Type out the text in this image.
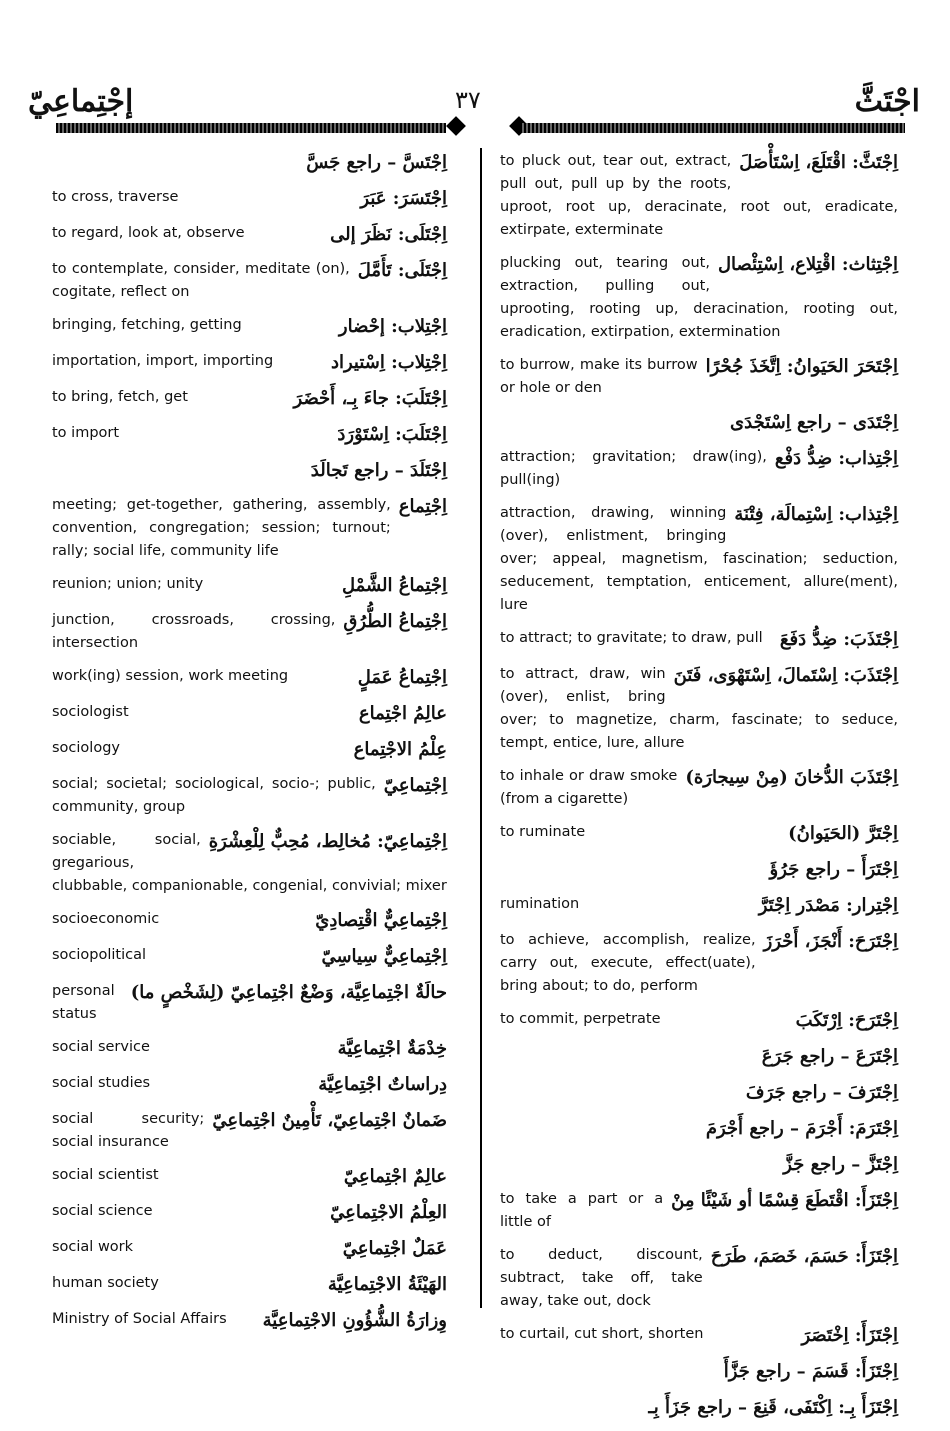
إجْتِماعِيّ	٣٧	اجْتَثَّ
اِجْتَسَّ – راجع جَسَّ
اِجْتَسَرَ: عَبَرَ
to cross, traverse
اِجْتَلَى: نَظَرَ إلى
to regard, look at, observe
اِجْتَلَى: تَأَمَّلَ
to contemplate, consider, meditate (on), cogitate, reflect on
اِجْتِلاب: إحْضار
bringing, fetching, getting
اِجْتِلاب: اِسْتيراد
importation, import, importing
اِجْتَلَبَ: جاءَ بِـ، أَحْضَرَ
to bring, fetch, get
اِجْتَلَبَ: اِسْتَوْرَدَ
to import
اِجْتَلَدَ – راجع تَجالَدَ
اِجْتِماع
meeting; get-together, gathering, assembly, convention, congregation; session; turnout; rally; social life, community life
اِجْتِماعُ الشَّمْلِ
reunion; union; unity
اِجْتِماعُ الطُّرُقِ
junction, crossroads, crossing, intersection
اِجْتِماعُ عَمَلٍ
work(ing) session, work meeting
عالِمُ اجْتِماع
sociologist
عِلْمُ الاجْتِماع
sociology
اِجْتِماعِيّ
social; societal; sociological, socio-; public, community, group
اِجْتِماعِيّ: مُخالِط، مُحِبٌّ لِلْعِشْرَةِ
sociable, social, gregarious, clubbable, companionable, congenial, convivial; mixer
اِجْتِماعِيٌّ اقْتِصادِيّ
socioeconomic
اِجْتِماعِيٌّ سِياسِيّ
sociopolitical
حالَةٌ اجْتِماعِيَّة، وَضْعٌ اجْتِماعِيّ (لِشَخْصٍ ما)
personal status
خِدْمَةٌ اجْتِماعِيَّة
social service
دِراساتٌ اجْتِماعِيَّة
social studies
ضَمانٌ اجْتِماعِيّ، تَأْمِينٌ اجْتِماعِيّ
social security; social insurance
عالِمٌ اجْتِماعِيّ
social scientist
العِلْمُ الاجْتِماعِيّ
social science
عَمَلٌ اجْتِماعِيّ
social work
الهَيْئَةُ الاجْتِماعِيَّة
human society
وِزارَةُ الشُّؤُونِ الاجْتِماعِيَّة
Ministry of Social Affairs
اِجْتَثَّ: اقْتَلَعَ، اِسْتَأْصَلَ
to pluck out, tear out, extract, pull out, pull up by the roots, uproot, root up, deracinate, root out, eradicate, extirpate, exterminate
اِجْتِثاث: اقْتِلاع، اِسْتِئْصال
plucking out, tearing out, extraction, pulling out, uprooting, rooting up, deracination, rooting out, eradication, extirpation, extermination
اِجْتَحَرَ الحَيَوانُ: اِتَّخَذَ جُحْرًا
to burrow, make its burrow or hole or den
اِجْتَدَى – راجع اِسْتَجْدَى
اِجْتِذاب: ضِدُّ دَفْع
attraction; gravitation; draw(ing), pull(ing)
اِجْتِذاب: اِسْتِمالَة، فِتْنَة
attraction, drawing, winning (over), enlistment, bringing over; appeal, magnetism, fascination; seduction, seducement, temptation, enticement, allure(ment), lure
اِجْتَذَبَ: ضِدُّ دَفَعَ
to attract; to gravitate; to draw, pull
اِجْتَذَبَ: اِسْتَمالَ، اِسْتَهْوَى، فَتَنَ
to attract, draw, win (over), enlist, bring over; to magnetize, charm, fascinate; to seduce, tempt, entice, lure, allure
اِجْتَذَبَ الدُّخانَ (مِنْ سِيجارَة)
to inhale or draw smoke (from a cigarette)
اِجْتَرَّ (الحَيَوانُ)
to ruminate
اِجْتَرَأَ – راجع جَرُؤَ
اِجْتِرار: مَصْدَر اِجْتَرَّ
rumination
اِجْتَرَحَ: أَنْجَزَ، أَحْرَزَ
to achieve, accomplish, realize, carry out, execute, effect(uate), bring about; to do, perform
اِجْتَرَحَ: اِرْتَكَبَ
to commit, perpetrate
اِجْتَرَعَ – راجع جَرَعَ
اِجْتَرَفَ – راجع جَرَفَ
اِجْتَرَمَ: أَجْرَمَ – راجع أَجْرَمَ
اِجْتَزَّ – راجع جَزَّ
اِجْتَزَأَ: اقْتَطَعَ قِسْمًا أو شَيْئًا مِنْ
to take a part or a little of
اِجْتَزَأَ: حَسَمَ، خَصَمَ، طَرَحَ
to deduct, discount, subtract, take off, take away, take out, dock
اِجْتَزَأَ: اِخْتَصَرَ
to curtail, cut short, shorten
اِجْتَزَأَ: قَسَمَ – راجع جَزَّأَ
اِجْتَزَأَ بِـ: اِكْتَفَى، قَنِعَ – راجع جَزَأَ بِـ
